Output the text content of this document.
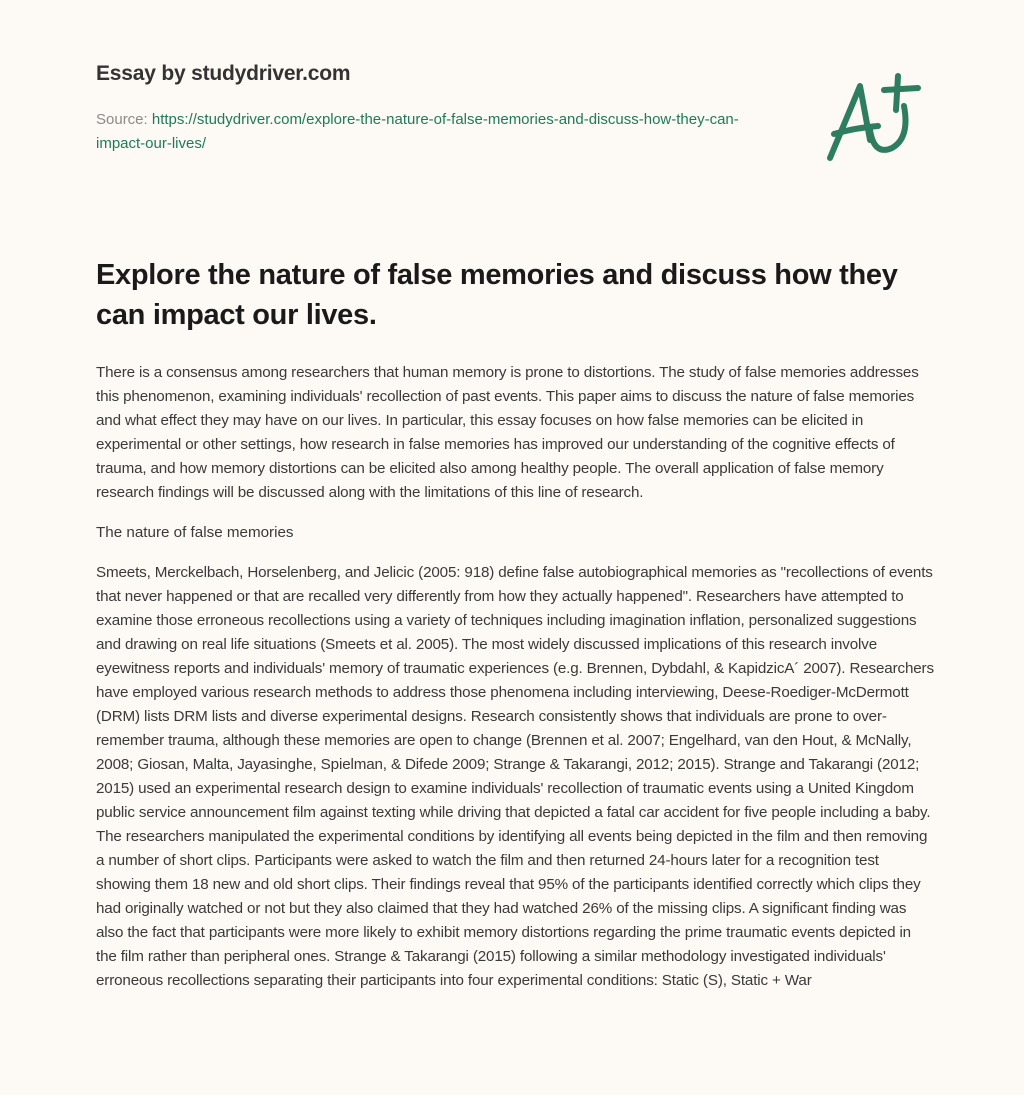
Essay by studydriver.com
Source: https://studydriver.com/explore-the-nature-of-false-memories-and-discuss-how-they-can-impact-our-lives/
Explore the nature of false memories and discuss how they can impact our lives.

There is a consensus among researchers that human memory is prone to distortions. The study of false memories addresses this phenomenon, examining individuals' recollection of past events. This paper aims to discuss the nature of false memories and what effect they may have on our lives. In particular, this essay focuses on how false memories can be elicited in experimental or other settings, how research in false memories has improved our understanding of the cognitive effects of trauma, and how memory distortions can be elicited also among healthy people. The overall application of false memory research findings will be discussed along with the limitations of this line of research.

The nature of false memories

Smeets, Merckelbach, Horselenberg, and Jelicic (2005: 918) define false autobiographical memories as "recollections of events that never happened or that are recalled very differently from how they actually happened". Researchers have attempted to examine those erroneous recollections using a variety of techniques including imagination inflation, personalized suggestions and drawing on real life situations (Smeets et al. 2005). The most widely discussed implications of this research involve eyewitness reports and individuals' memory of traumatic experiences (e.g. Brennen, Dybdahl, & KapidzicA´ 2007). Researchers have employed various research methods to address those phenomena including interviewing, Deese-Roediger-McDermott (DRM) lists DRM lists and diverse experimental designs. Research consistently shows that individuals are prone to over-remember trauma, although these memories are open to change (Brennen et al. 2007; Engelhard, van den Hout, & McNally, 2008; Giosan, Malta, Jayasinghe, Spielman, & Difede 2009; Strange & Takarangi, 2012; 2015). Strange and Takarangi (2012; 2015) used an experimental research design to examine individuals' recollection of traumatic events using a United Kingdom public service announcement film against texting while driving that depicted a fatal car accident for five people including a baby. The researchers manipulated the experimental conditions by identifying all events being depicted in the film and then removing a number of short clips. Participants were asked to watch the film and then returned 24-hours later for a recognition test showing them 18 new and old short clips. Their findings reveal that 95% of the participants identified correctly which clips they had originally watched or not but they also claimed that they had watched 26% of the missing clips. A significant finding was also the fact that participants were more likely to exhibit memory distortions regarding the prime traumatic events depicted in the film rather than peripheral ones. Strange & Takarangi (2015) following a similar methodology investigated individuals' erroneous recollections separating their participants into four experimental conditions: Static (S), Static + War
